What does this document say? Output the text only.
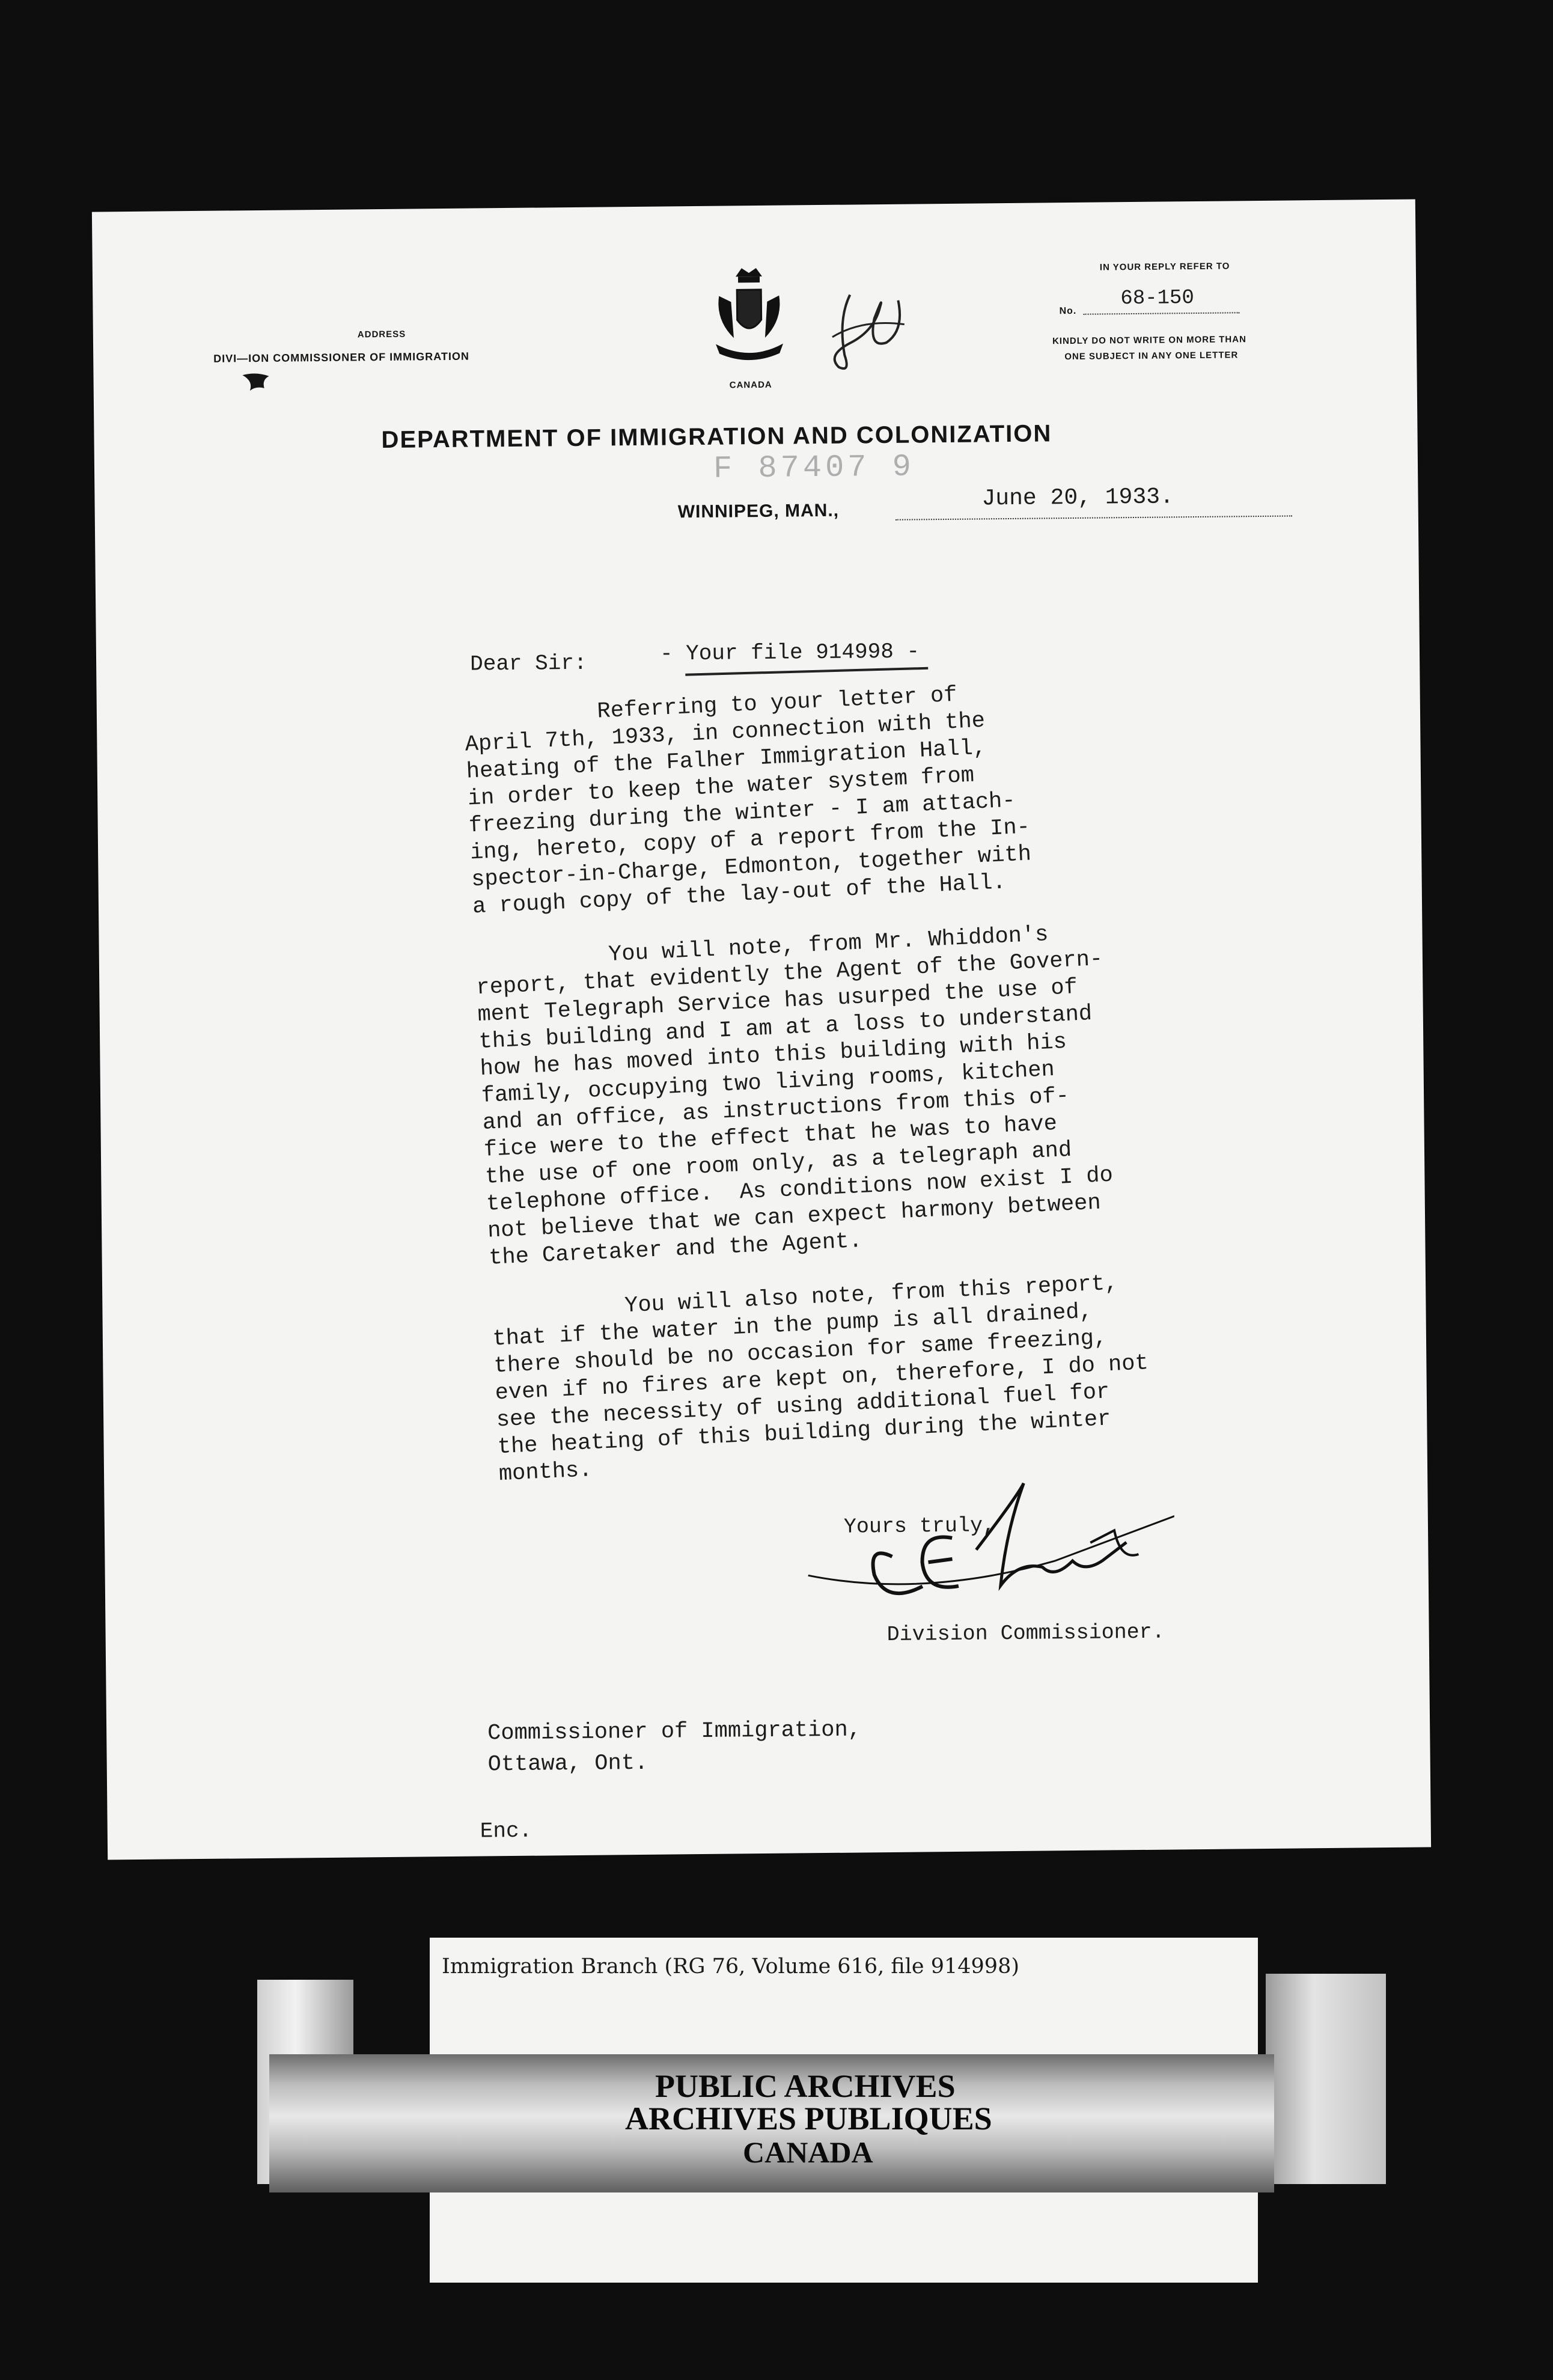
ADDRESS
DIVI—ION COMMISSIONER OF IMMIGRATION
CANADA
IN YOUR REPLY REFER TO
No.
68-150
KINDLY DO NOT WRITE ON MORE THAN
ONE SUBJECT IN ANY ONE LETTER
DEPARTMENT OF IMMIGRATION AND COLONIZATION
F 87407 9
WINNIPEG, MAN.,	June 20, 1933.
Dear Sir:	- Your file 914998 -
Referring to your letter of
April 7th, 1933, in connection with the
heating of the Falher Immigration Hall,
in order to keep the water system from
freezing during the winter - I am attach-
ing, hereto, copy of a report from the In-
spector-in-Charge, Edmonton, together with
a rough copy of the lay-out of the Hall.

You will note, from Mr. Whiddon's
report, that evidently the Agent of the Govern-
ment Telegraph Service has usurped the use of
this building and I am at a loss to understand
how he has moved into this building with his
family, occupying two living rooms, kitchen
and an office, as instructions from this of-
fice were to the effect that he was to have
the use of one room only, as a telegraph and
telephone office.  As conditions now exist I do
not believe that we can expect harmony between
the Caretaker and the Agent.

You will also note, from this report,
that if the water in the pump is all drained,
there should be no occasion for same freezing,
even if no fires are kept on, therefore, I do not
see the necessity of using additional fuel for
the heating of this building during the winter
months.
Yours truly,
Division Commissioner.
Commissioner of Immigration,
Ottawa, Ont.
Enc.
Immigration Branch (RG 76, Volume 616, file 914998)
PUBLIC ARCHIVES
ARCHIVES PUBLIQUES
CANADA
